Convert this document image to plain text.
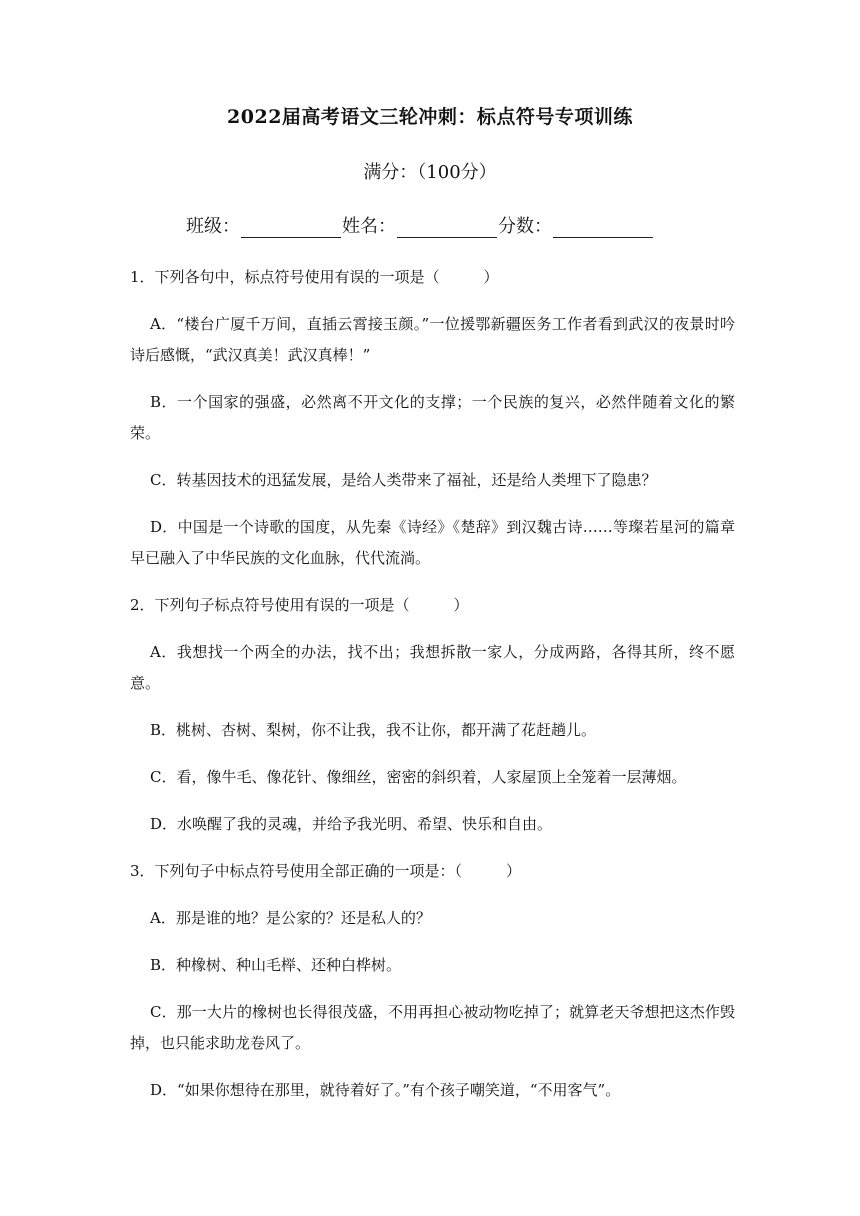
2022届高考语文三轮冲刺：标点符号专项训练
满分：（100分）
班级：	姓名：	分数：
1．下列各句中，标点符号使用有误的一项是（	）
A．“楼台广厦千万间，直插云霄接玉颜。”一位援鄂新疆医务工作者看到武汉的夜景时吟诗后感慨，“武汉真美！武汉真棒！”
B．一个国家的强盛，必然离不开文化的支撑；一个民族的复兴，必然伴随着文化的繁荣。
C．转基因技术的迅猛发展，是给人类带来了福祉，还是给人类埋下了隐患？
D．中国是一个诗歌的国度，从先秦《诗经》《楚辞》到汉魏古诗……等璨若星河的篇章早已融入了中华民族的文化血脉，代代流淌。
2．下列句子标点符号使用有误的一项是（	）
A．我想找一个两全的办法，找不出；我想拆散一家人，分成两路，各得其所，终不愿意。
B．桃树、杏树、梨树，你不让我，我不让你，都开满了花赶趟儿。
C．看，像牛毛、像花针、像细丝，密密的斜织着，人家屋顶上全笼着一层薄烟。
D．水唤醒了我的灵魂，并给予我光明、希望、快乐和自由。
3．下列句子中标点符号使用全部正确的一项是：（	）
A．那是谁的地？是公家的？还是私人的？
B．种橡树、种山毛榉、还种白桦树。
C．那一大片的橡树也长得很茂盛，不用再担心被动物吃掉了；就算老天爷想把这杰作毁掉，也只能求助龙卷风了。
D．“如果你想待在那里，就待着好了。”有个孩子嘲笑道，“不用客气”。
